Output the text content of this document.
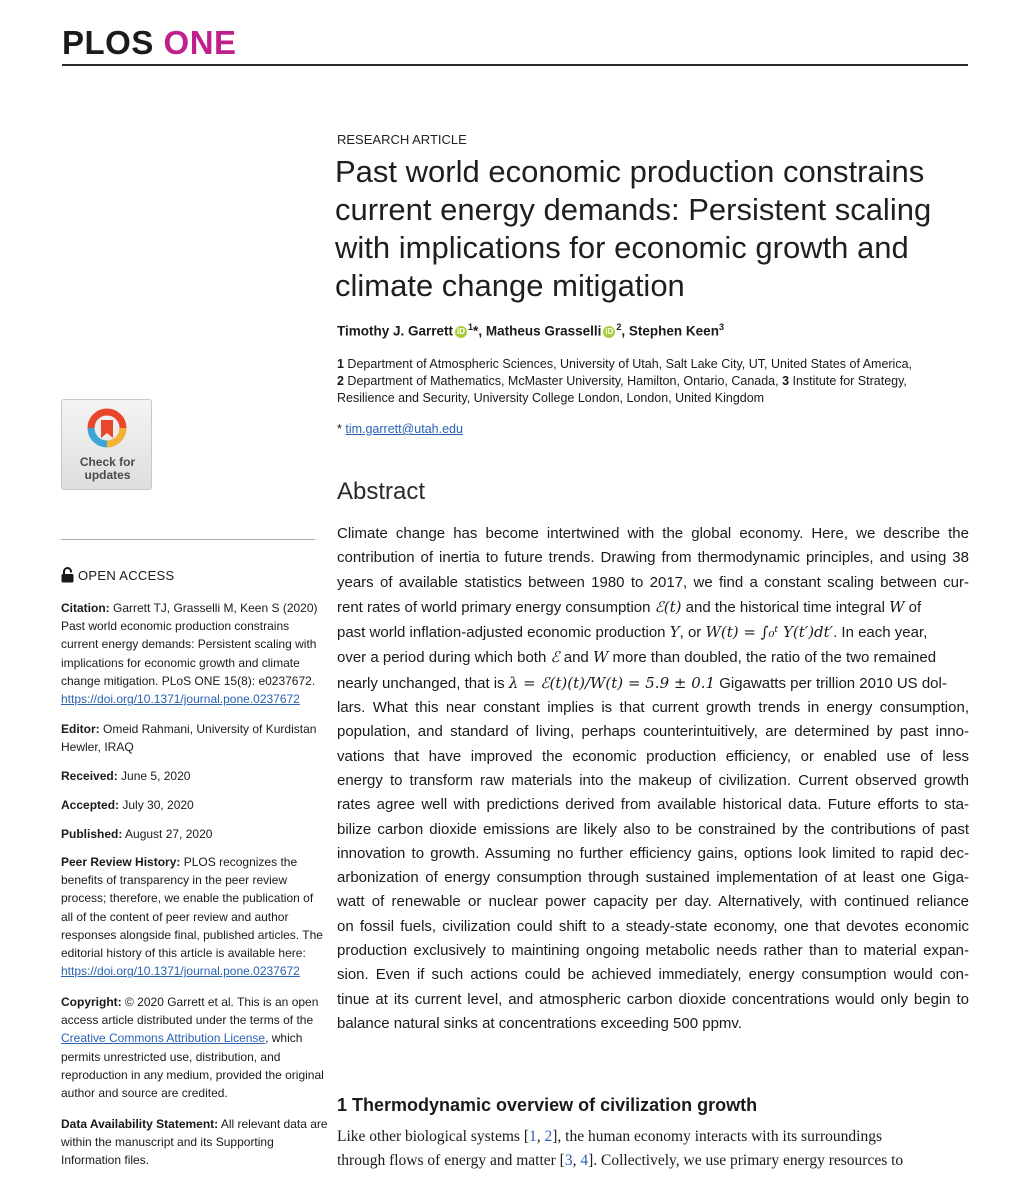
PLOS ONE
RESEARCH ARTICLE
Past world economic production constrains current energy demands: Persistent scaling with implications for economic growth and climate change mitigation
Timothy J. Garrett iD $^1$*, Matheus Grasselli iD $^2$, Stephen Keen$^3$

1 Department of Atmospheric Sciences, University of Utah, Salt Lake City, UT, United States of America,
2 Department of Mathematics, McMaster University, Hamilton, Ontario, Canada, 3 Institute for Strategy,
Resilience and Security, University College London, London, United Kingdom

* tim.garrett@utah.edu
Abstract
Climate change has become intertwined with the global economy. Here, we describe the
contribution of inertia to future trends. Drawing from thermodynamic principles, and using 38
years of available statistics between 1980 to 2017, we find a constant scaling between cur-
rent rates of world primary energy consumption ℰ(t) and the historical time integral W of
past world inflation-adjusted economic production Y, or W(t) = ∫₀ᵗ Y(t′)dt′. In each year,
over a period during which both ℰ and W more than doubled, the ratio of the two remained
nearly unchanged, that is λ = ℰ(t)(t)/W(t) = 5.9 ± 0.1 Gigawatts per trillion 2010 US dol-
lars. What this near constant implies is that current growth trends in energy consumption,
population, and standard of living, perhaps counterintuitively, are determined by past inno-
vations that have improved the economic production efficiency, or enabled use of less
energy to transform raw materials into the makeup of civilization. Current observed growth
rates agree well with predictions derived from available historical data. Future efforts to sta-
bilize carbon dioxide emissions are likely also to be constrained by the contributions of past
innovation to growth. Assuming no further efficiency gains, options look limited to rapid dec-
arbonization of energy consumption through sustained implementation of at least one Giga-
watt of renewable or nuclear power capacity per day. Alternatively, with continued reliance
on fossil fuels, civilization could shift to a steady-state economy, one that devotes economic
production exclusively to maintining ongoing metabolic needs rather than to material expan-
sion. Even if such actions could be achieved immediately, energy consumption would con-
tinue at its current level, and atmospheric carbon dioxide concentrations would only begin to
balance natural sinks at concentrations exceeding 500 ppmv.
1 Thermodynamic overview of civilization growth
Like other biological systems [1, 2], the human economy interacts with its surroundings
through flows of energy and matter [3, 4]. Collectively, we use primary energy resources to
Check for
updates
OPEN ACCESS
Citation: Garrett TJ, Grasselli M, Keen S (2020)
Past world economic production constrains
current energy demands: Persistent scaling with
implications for economic growth and climate
change mitigation. PLoS ONE 15(8): e0237672.
https://doi.org/10.1371/journal.pone.0237672
Editor: Omeid Rahmani, University of Kurdistan
Hewler, IRAQ
Received: June 5, 2020
Accepted: July 30, 2020
Published: August 27, 2020
Peer Review History: PLOS recognizes the
benefits of transparency in the peer review
process; therefore, we enable the publication of
all of the content of peer review and author
responses alongside final, published articles. The
editorial history of this article is available here:
https://doi.org/10.1371/journal.pone.0237672
Copyright: © 2020 Garrett et al. This is an open
access article distributed under the terms of the
Creative Commons Attribution License, which
permits unrestricted use, distribution, and
reproduction in any medium, provided the original
author and source are credited.
Data Availability Statement: All relevant data are
within the manuscript and its Supporting
Information files.
